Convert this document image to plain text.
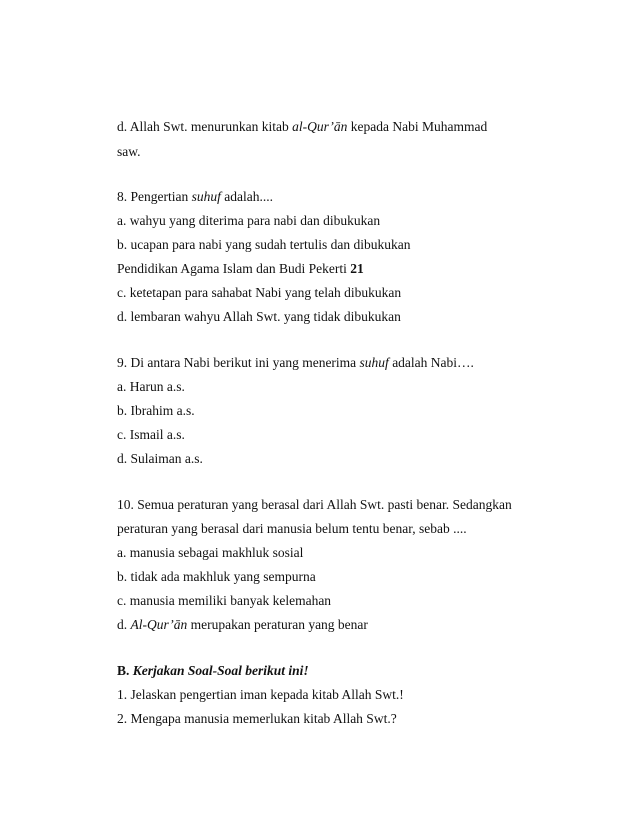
d. Allah Swt. menurunkan kitab al-Qur’ān kepada Nabi Muhammad
saw.
8. Pengertian suhuf adalah....
a. wahyu yang diterima para nabi dan dibukukan
b. ucapan para nabi yang sudah tertulis dan dibukukan
Pendidikan Agama Islam dan Budi Pekerti 21
c. ketetapan para sahabat Nabi yang telah dibukukan
d. lembaran wahyu Allah Swt. yang tidak dibukukan
9. Di antara Nabi berikut ini yang menerima suhuf adalah Nabi….
a. Harun a.s.
b. Ibrahim a.s.
c. Ismail a.s.
d. Sulaiman a.s.
10. Semua peraturan yang berasal dari Allah Swt. pasti benar. Sedangkan
peraturan yang berasal dari manusia belum tentu benar, sebab ....
a. manusia sebagai makhluk sosial
b. tidak ada makhluk yang sempurna
c. manusia memiliki banyak kelemahan
d. Al-Qur’ān merupakan peraturan yang benar
B. Kerjakan Soal-Soal berikut ini!
1. Jelaskan pengertian iman kepada kitab Allah Swt.!
2. Mengapa manusia memerlukan kitab Allah Swt.?
